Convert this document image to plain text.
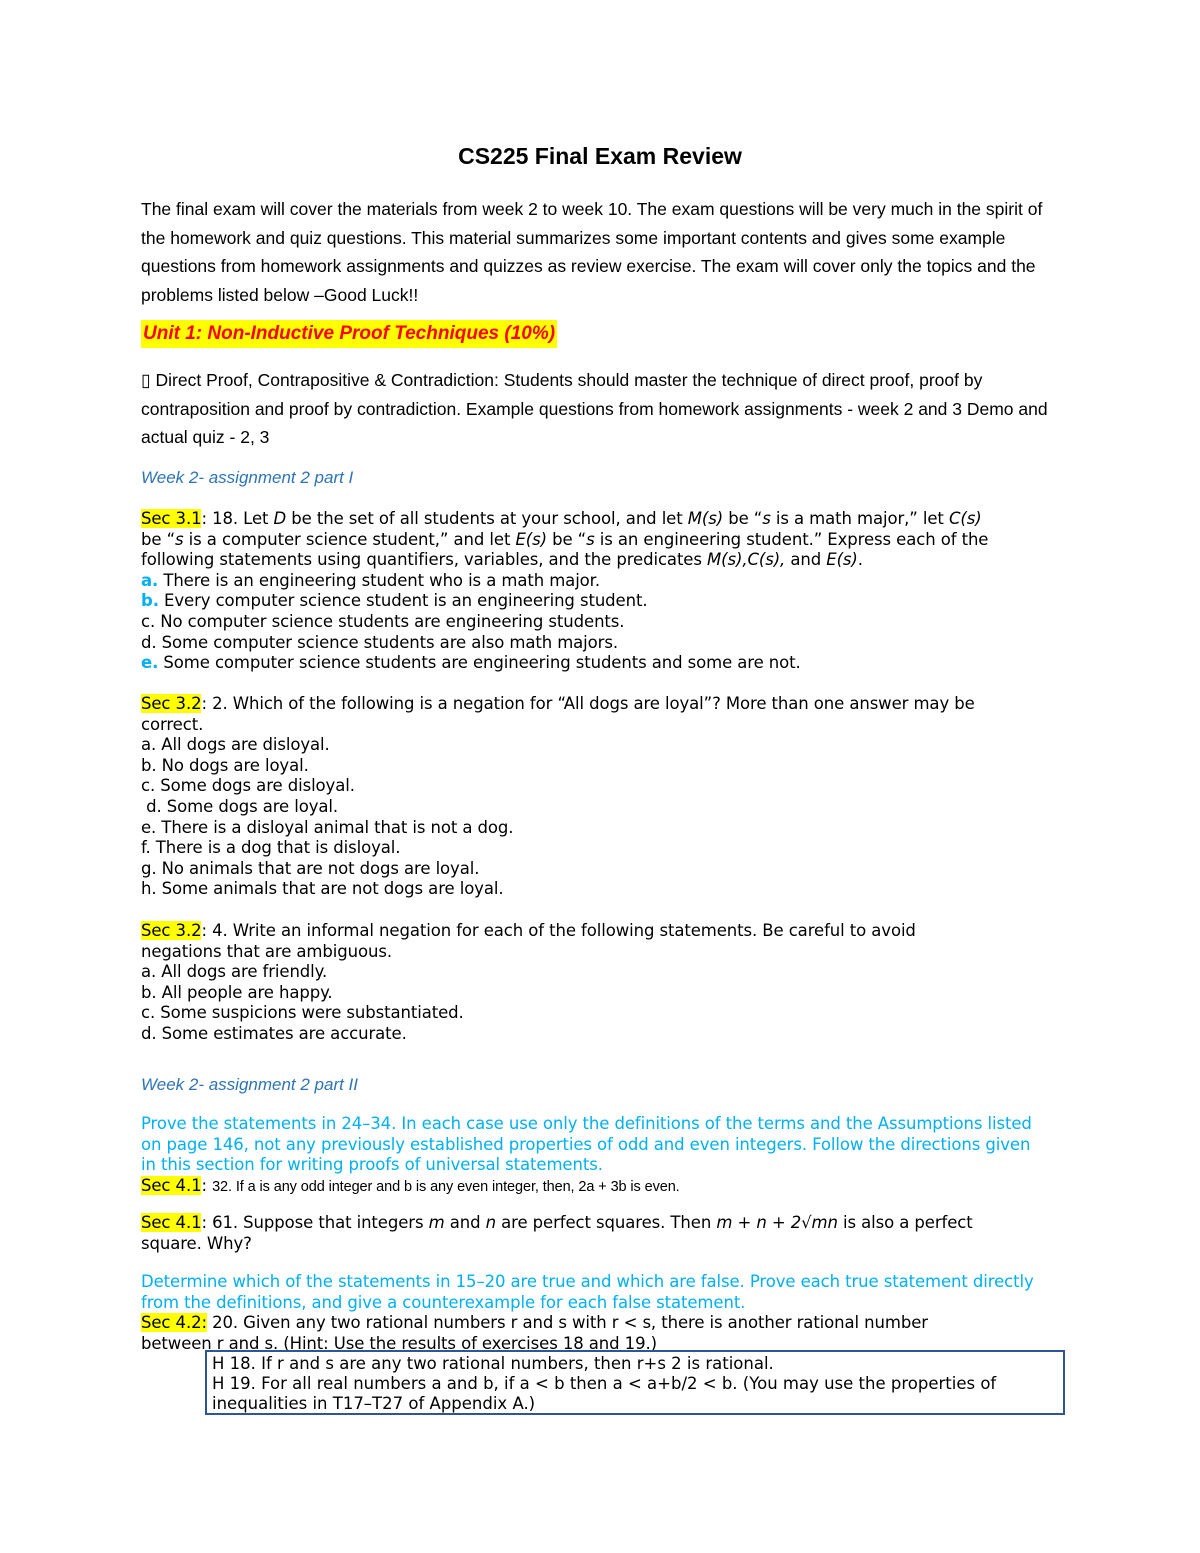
CS225 Final Exam Review
The final exam will cover the materials from week 2 to week 10. The exam questions will be very much in the spirit of the homework and quiz questions. This material summarizes some important contents and gives some example questions from homework assignments and quizzes as review exercise. The exam will cover only the topics and the problems listed below –Good Luck!!
Unit 1: Non-Inductive Proof Techniques (10%)
▯ Direct Proof, Contrapositive & Contradiction: Students should master the technique of direct proof, proof by contraposition and proof by contradiction. Example questions from homework assignments - week 2 and 3 Demo and actual quiz - 2, 3
Week 2- assignment 2 part I
Sec 3.1: 18. Let D be the set of all students at your school, and let M(s) be “s is a math major,” let C(s)
be “s is a computer science student,” and let E(s) be “s is an engineering student.” Express each of the
following statements using quantifiers, variables, and the predicates M(s),C(s), and E(s).
a. There is an engineering student who is a math major.
b. Every computer science student is an engineering student.
c. No computer science students are engineering students.
d. Some computer science students are also math majors.
e. Some computer science students are engineering students and some are not.
Sec 3.2: 2. Which of the following is a negation for “All dogs are loyal”? More than one answer may be
correct.
a. All dogs are disloyal.
b. No dogs are loyal.
c. Some dogs are disloyal.
d. Some dogs are loyal.
e. There is a disloyal animal that is not a dog.
f. There is a dog that is disloyal.
g. No animals that are not dogs are loyal.
h. Some animals that are not dogs are loyal.
Sec 3.2: 4. Write an informal negation for each of the following statements. Be careful to avoid
negations that are ambiguous.
a. All dogs are friendly.
b. All people are happy.
c. Some suspicions were substantiated.
d. Some estimates are accurate.
Week 2- assignment 2 part II
Prove the statements in 24–34. In each case use only the definitions of the terms and the Assumptions listed
on page 146, not any previously established properties of odd and even integers. Follow the directions given
in this section for writing proofs of universal statements.
Sec 4.1: 32. If a is any odd integer and b is any even integer, then, 2a + 3b is even.
Sec 4.1: 61. Suppose that integers m and n are perfect squares. Then m + n + 2√mn is also a perfect
square. Why?
Determine which of the statements in 15–20 are true and which are false. Prove each true statement directly
from the definitions, and give a counterexample for each false statement.
Sec 4.2: 20. Given any two rational numbers r and s with r < s, there is another rational number
between r and s. (Hint: Use the results of exercises 18 and 19.)
H 18. If r and s are any two rational numbers, then r+s 2 is rational.
H 19. For all real numbers a and b, if a < b then a < a+b/2 < b. (You may use the properties of
inequalities in T17–T27 of Appendix A.)
